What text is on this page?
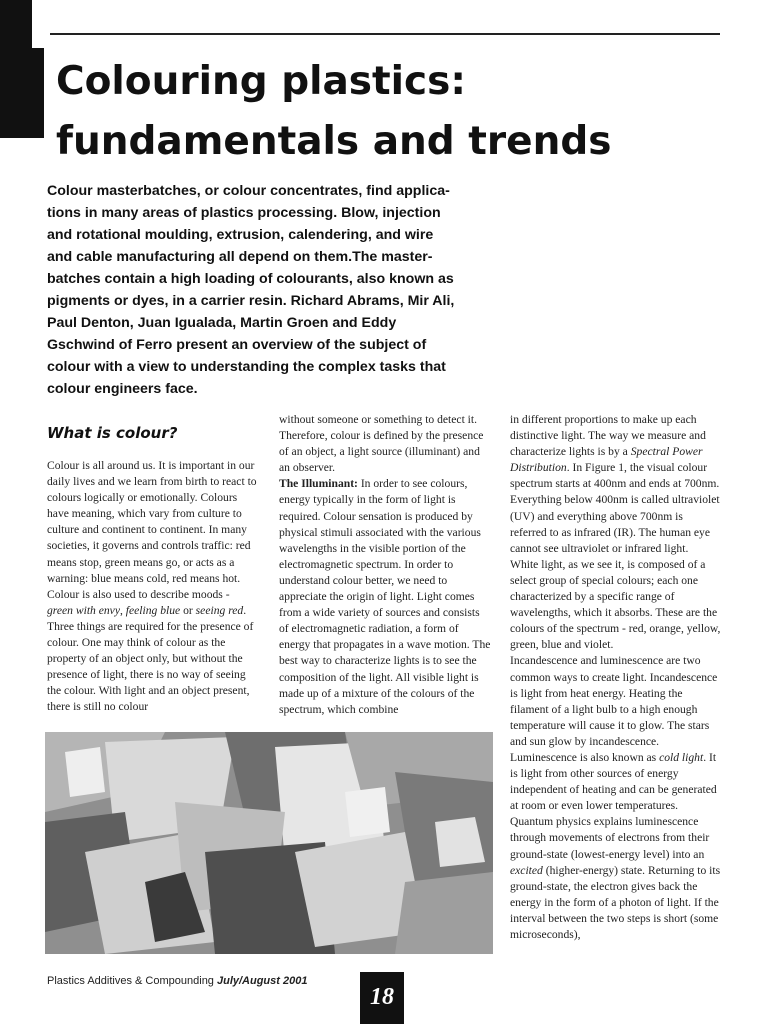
Colouring plastics:
fundamentals and trends
Colour masterbatches, or colour concentrates, find applica-
tions in many areas of plastics processing. Blow, injection
and rotational moulding, extrusion, calendering, and wire
and cable manufacturing all depend on them.The master-
batches contain a high loading of colourants, also known as
pigments or dyes, in a carrier resin. Richard Abrams, Mir Ali,
Paul Denton, Juan Igualada, Martin Groen and Eddy
Gschwind of Ferro present an overview of the subject of
colour with a view to understanding the complex tasks that
colour engineers face.
What is colour?

Colour is all around us. It is important in our daily lives and we learn from birth to react to colours logically or emotionally. Colours have meaning, which vary from culture to culture and continent to continent. In many societies, it governs and controls traffic: red means stop, green means go, or acts as a warning: blue means cold, red means hot. Colour is also used to describe moods - green with envy, feeling blue or seeing red.

Three things are required for the presence of colour. One may think of colour as the property of an object only, but without the presence of light, there is no way of seeing the colour. With light and an object present, there is still no colour

without someone or something to detect it. Therefore, colour is defined by the presence of an object, a light source (illuminant) and an observer.

The Illuminant: In order to see colours, energy typically in the form of light is required. Colour sensation is produced by physical stimuli associated with the various wavelengths in the visible portion of the electromagnetic spectrum. In order to understand colour better, we need to appreciate the origin of light. Light comes from a wide variety of sources and consists of electromagnetic radiation, a form of energy that propagates in a wave motion. The best way to characterize lights is to see the composition of the light. All visible light is made up of a mixture of the colours of the spectrum, which combine

in different proportions to make up each distinctive light. The way we measure and characterize lights is by a Spectral Power Distribution. In Figure 1, the visual colour spectrum starts at 400nm and ends at 700nm. Everything below 400nm is called ultraviolet (UV) and everything above 700nm is referred to as infrared (IR). The human eye cannot see ultraviolet or infrared light.

White light, as we see it, is composed of a select group of special colours; each one characterized by a specific range of wavelengths, which it absorbs. These are the colours of the spectrum - red, orange, yellow, green, blue and violet.

Incandescence and luminescence are two common ways to create light. Incandescence is light from heat energy. Heating the filament of a light bulb to a high enough temperature will cause it to glow. The stars and sun glow by incandescence. Luminescence is also known as cold light. It is light from other sources of energy independent of heating and can be generated at room or even lower temperatures. Quantum physics explains luminescence through movements of electrons from their ground-state (lowest-energy level) into an excited (higher-energy) state. Returning to its ground-state, the electron gives back the energy in the form of a photon of light. If the interval between the two steps is short (some microseconds),

Plastics Additives & Compounding July/August 2001
18
